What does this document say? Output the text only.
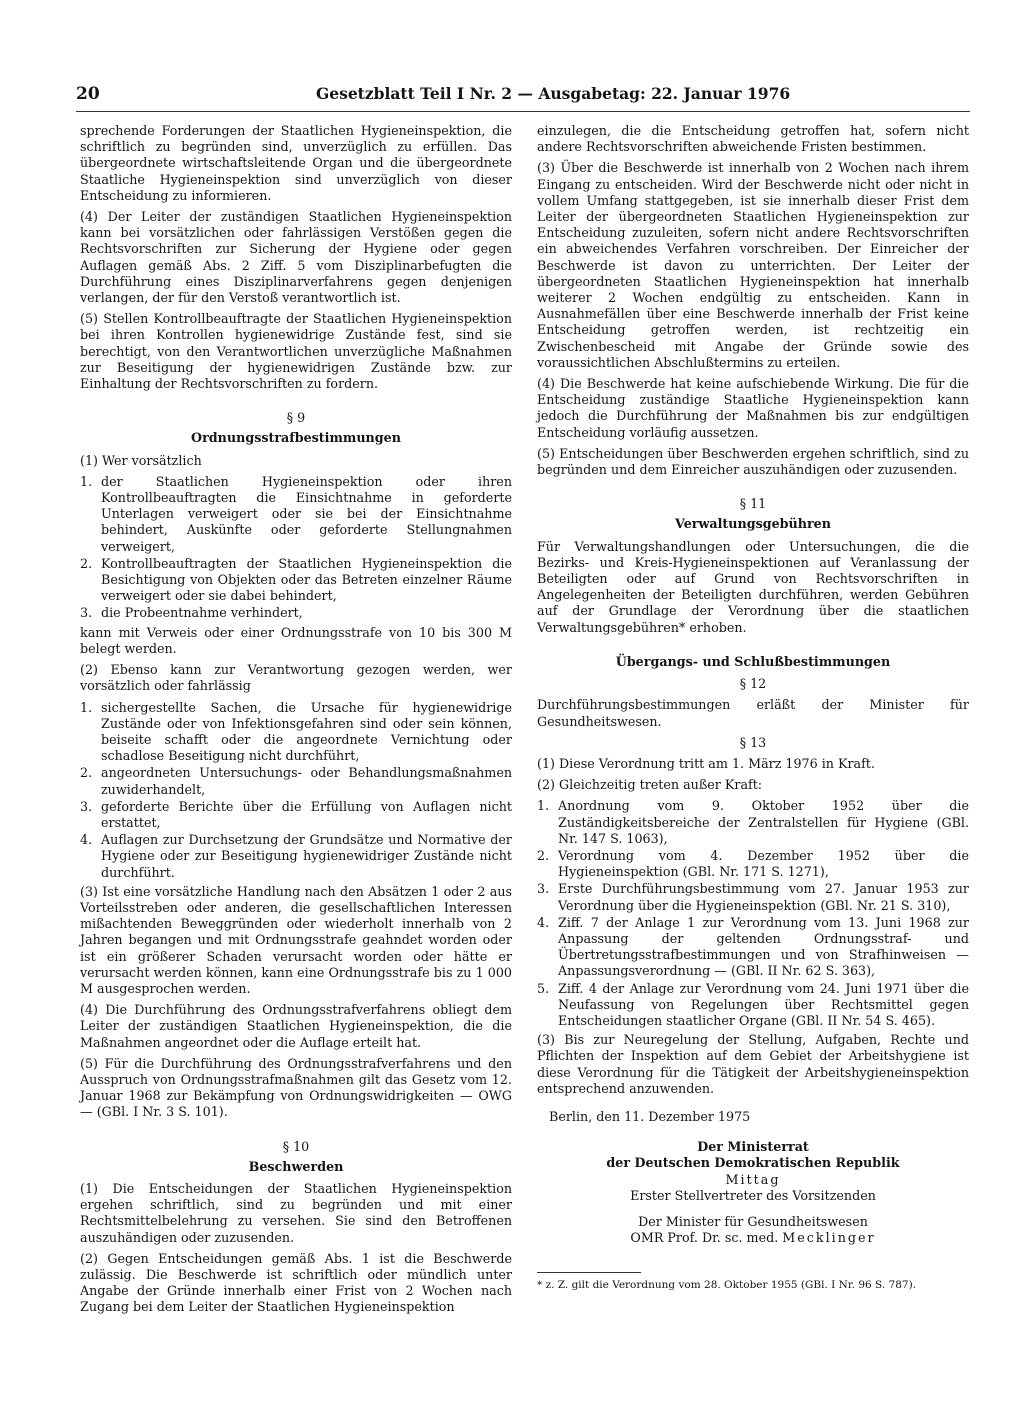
20	Gesetzblatt Teil I Nr. 2 — Ausgabetag: 22. Januar 1976

sprechende Forderungen der Staatlichen Hygieneinspektion, die schriftlich zu begründen sind, unverzüglich zu erfüllen. Das übergeordnete wirtschaftsleitende Organ und die übergeordnete Staatliche Hygieneinspektion sind unverzüglich von dieser Entscheidung zu informieren.

(4) Der Leiter der zuständigen Staatlichen Hygieneinspektion kann bei vorsätzlichen oder fahrlässigen Verstößen gegen die Rechtsvorschriften zur Sicherung der Hygiene oder gegen Auflagen gemäß Abs. 2 Ziff. 5 vom Disziplinarbefugten die Durchführung eines Disziplinarverfahrens gegen denjenigen verlangen, der für den Verstoß verantwortlich ist.

(5) Stellen Kontrollbeauftragte der Staatlichen Hygieneinspektion bei ihren Kontrollen hygienewidrige Zustände fest, sind sie berechtigt, von den Verantwortlichen unverzügliche Maßnahmen zur Beseitigung der hygienewidrigen Zustände bzw. zur Einhaltung der Rechtsvorschriften zu fordern.

§ 9

Ordnungsstrafbestimmungen

(1) Wer vorsätzlich

1. der Staatlichen Hygieneinspektion oder ihren Kontrollbeauftragten die Einsichtnahme in geforderte Unterlagen verweigert oder sie bei der Einsichtnahme behindert, Auskünfte oder geforderte Stellungnahmen verweigert,
2. Kontrollbeauftragten der Staatlichen Hygieneinspektion die Besichtigung von Objekten oder das Betreten einzelner Räume verweigert oder sie dabei behindert,
3. die Probeentnahme verhindert,

kann mit Verweis oder einer Ordnungsstrafe von 10 bis 300 M belegt werden.

(2) Ebenso kann zur Verantwortung gezogen werden, wer vorsätzlich oder fahrlässig

1. sichergestellte Sachen, die Ursache für hygienewidrige Zustände oder von Infektionsgefahren sind oder sein können, beiseite schafft oder die angeordnete Vernichtung oder schadlose Beseitigung nicht durchführt,
2. angeordneten Untersuchungs- oder Behandlungsmaßnahmen zuwiderhandelt,
3. geforderte Berichte über die Erfüllung von Auflagen nicht erstattet,
4. Auflagen zur Durchsetzung der Grundsätze und Normative der Hygiene oder zur Beseitigung hygienewidriger Zustände nicht durchführt.

(3) Ist eine vorsätzliche Handlung nach den Absätzen 1 oder 2 aus Vorteilsstreben oder anderen, die gesellschaftlichen Interessen mißachtenden Beweggründen oder wiederholt innerhalb von 2 Jahren begangen und mit Ordnungsstrafe geahndet worden oder ist ein größerer Schaden verursacht worden oder hätte er verursacht werden können, kann eine Ordnungsstrafe bis zu 1 000 M ausgesprochen werden.

(4) Die Durchführung des Ordnungsstrafverfahrens obliegt dem Leiter der zuständigen Staatlichen Hygieneinspektion, die die Maßnahmen angeordnet oder die Auflage erteilt hat.

(5) Für die Durchführung des Ordnungsstrafverfahrens und den Ausspruch von Ordnungsstrafmaßnahmen gilt das Gesetz vom 12. Januar 1968 zur Bekämpfung von Ordnungswidrigkeiten — OWG — (GBl. I Nr. 3 S. 101).

§ 10

Beschwerden

(1) Die Entscheidungen der Staatlichen Hygieneinspektion ergehen schriftlich, sind zu begründen und mit einer Rechtsmittelbelehrung zu versehen. Sie sind den Betroffenen auszuhändigen oder zuzusenden.

(2) Gegen Entscheidungen gemäß Abs. 1 ist die Beschwerde zulässig. Die Beschwerde ist schriftlich oder mündlich unter Angabe der Gründe innerhalb einer Frist von 2 Wochen nach Zugang bei dem Leiter der Staatlichen Hygieneinspektion

einzulegen, die die Entscheidung getroffen hat, sofern nicht andere Rechtsvorschriften abweichende Fristen bestimmen.

(3) Über die Beschwerde ist innerhalb von 2 Wochen nach ihrem Eingang zu entscheiden. Wird der Beschwerde nicht oder nicht in vollem Umfang stattgegeben, ist sie innerhalb dieser Frist dem Leiter der übergeordneten Staatlichen Hygieneinspektion zur Entscheidung zuzuleiten, sofern nicht andere Rechtsvorschriften ein abweichendes Verfahren vorschreiben. Der Einreicher der Beschwerde ist davon zu unterrichten. Der Leiter der übergeordneten Staatlichen Hygieneinspektion hat innerhalb weiterer 2 Wochen endgültig zu entscheiden. Kann in Ausnahmefällen über eine Beschwerde innerhalb der Frist keine Entscheidung getroffen werden, ist rechtzeitig ein Zwischenbescheid mit Angabe der Gründe sowie des voraussichtlichen Abschlußtermins zu erteilen.

(4) Die Beschwerde hat keine aufschiebende Wirkung. Die für die Entscheidung zuständige Staatliche Hygieneinspektion kann jedoch die Durchführung der Maßnahmen bis zur endgültigen Entscheidung vorläufig aussetzen.

(5) Entscheidungen über Beschwerden ergehen schriftlich, sind zu begründen und dem Einreicher auszuhändigen oder zuzusenden.

§ 11

Verwaltungsgebühren

Für Verwaltungshandlungen oder Untersuchungen, die die Bezirks- und Kreis-Hygieneinspektionen auf Veranlassung der Beteiligten oder auf Grund von Rechtsvorschriften in Angelegenheiten der Beteiligten durchführen, werden Gebühren auf der Grundlage der Verordnung über die staatlichen Verwaltungsgebühren* erhoben.

Übergangs- und Schlußbestimmungen

§ 12

Durchführungsbestimmungen erläßt der Minister für Gesundheitswesen.

§ 13

(1) Diese Verordnung tritt am 1. März 1976 in Kraft.

(2) Gleichzeitig treten außer Kraft:

1. Anordnung vom 9. Oktober 1952 über die Zuständigkeitsbereiche der Zentralstellen für Hygiene (GBl. Nr. 147 S. 1063),
2. Verordnung vom 4. Dezember 1952 über die Hygieneinspektion (GBl. Nr. 171 S. 1271),
3. Erste Durchführungsbestimmung vom 27. Januar 1953 zur Verordnung über die Hygieneinspektion (GBl. Nr. 21 S. 310),
4. Ziff. 7 der Anlage 1 zur Verordnung vom 13. Juni 1968 zur Anpassung der geltenden Ordnungsstraf- und Übertretungsstrafbestimmungen und von Strafhinweisen — Anpassungsverordnung — (GBl. II Nr. 62 S. 363),
5. Ziff. 4 der Anlage zur Verordnung vom 24. Juni 1971 über die Neufassung von Regelungen über Rechtsmittel gegen Entscheidungen staatlicher Organe (GBl. II Nr. 54 S. 465).

(3) Bis zur Neuregelung der Stellung, Aufgaben, Rechte und Pflichten der Inspektion auf dem Gebiet der Arbeitshygiene ist diese Verordnung für die Tätigkeit der Arbeitshygieneinspektion entsprechend anzuwenden.

Berlin, den 11. Dezember 1975

Der Ministerrat

der Deutschen Demokratischen Republik

Mittag

Erster Stellvertreter des Vorsitzenden

Der Minister für Gesundheitswesen

OMR Prof. Dr. sc. med. Mecklinger

* z. Z. gilt die Verordnung vom 28. Oktober 1955 (GBl. I Nr. 96 S. 787).
